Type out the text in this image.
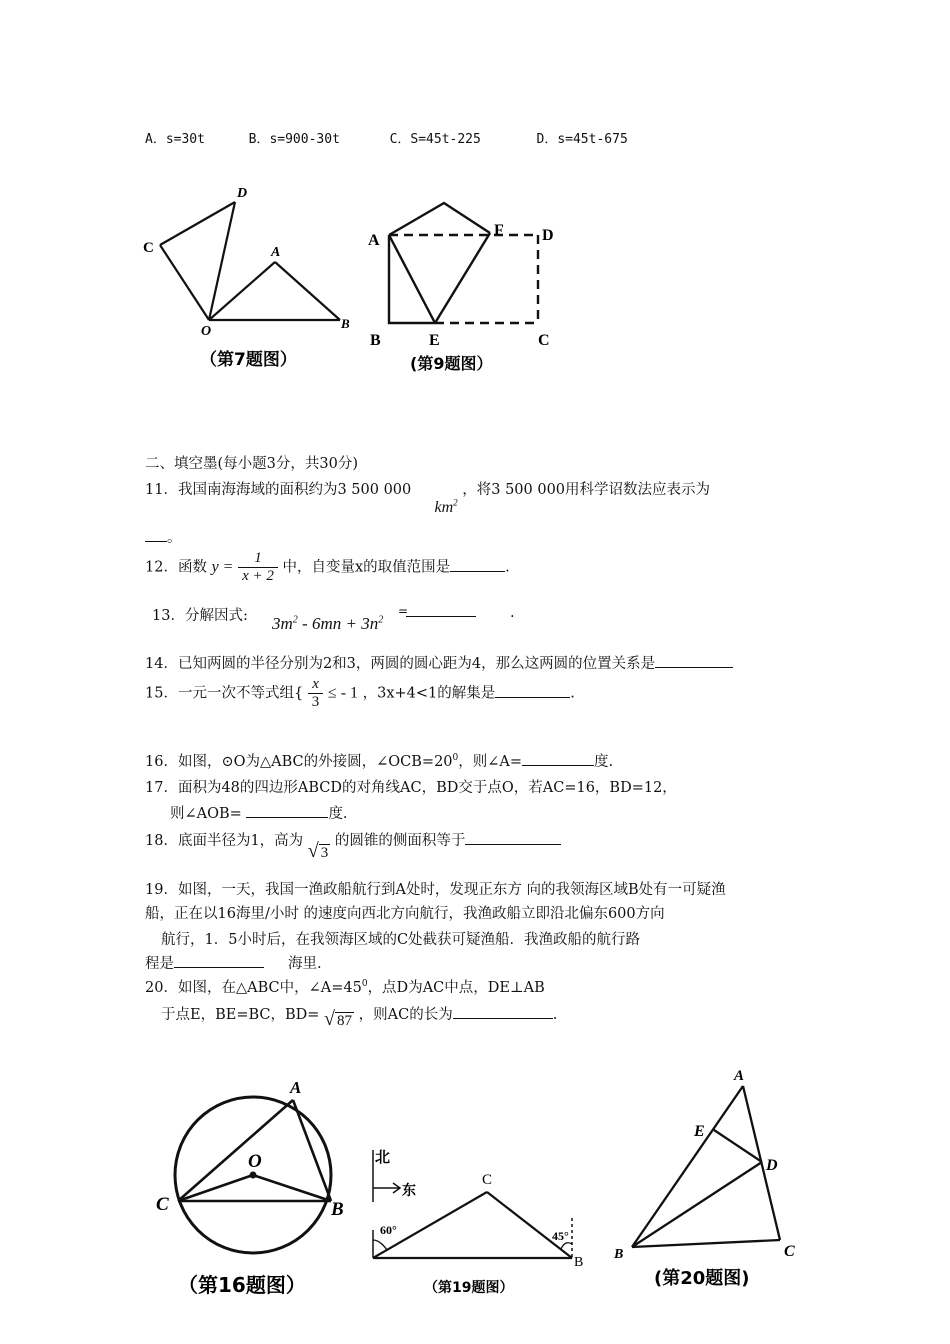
A．s=30t	B．s=900-30t	C．S=45t-225	D．s=45t-675
C
D
A
O
B
（第7题图）
A
F D
B	E	C
(第9题图）
二、填空墨(每小题3分，共30分)
11．我国南海海域的面积约为3 500 000  $km^2$ ，将3 500 000用科学诏数法应表示为
。
12．函数 $y = \frac{1}{x + 2}$ 中，自变量x的取值范围是	.
13．分解因式: $3m^2 - 6mn + 3n^2$
=	.
14．已知两圆的半径分别为2和3，两圆的圆心距为4，那么这两圆的位置关系是
15．一元一次不等式组{ $\frac{x}{3}$ ≤ - 1 ，3x+4<1的解集是	.
16．如图，⊙O为△ABC的外接圆，$\angle OCB=20^0$，则∠A=	度.
17．面积为48的四边形ABCD的对角线AC，BD交于点O，若AC=16，BD=12，
则∠AOB=	度.
18．底面半径为1，高为 √ 3 的圆锥的侧面积等于
19．如图，一天，我国一渔政船航行到A处时，发现正东方 向的我领海区域B处有一可疑渔
船，正在以16海里/小时 的速度向西北方向航行，我渔政船立即沿北偏东600方向
航行，1．5小时后，在我领海区域的C处截获可疑渔船．我渔政船的航行路
程是	海里.
20．如图，在△ABC中，$\angle A=45^0$，点D为AC中点，DE⊥AB
于点E，BE=BC，BD= √ 87 ，则AC的长为	.
A
O
C	B
（第16题图）
北
东
C
60°	45°
B
（第19题图）
A
E
D
B	C
(第20题图)
